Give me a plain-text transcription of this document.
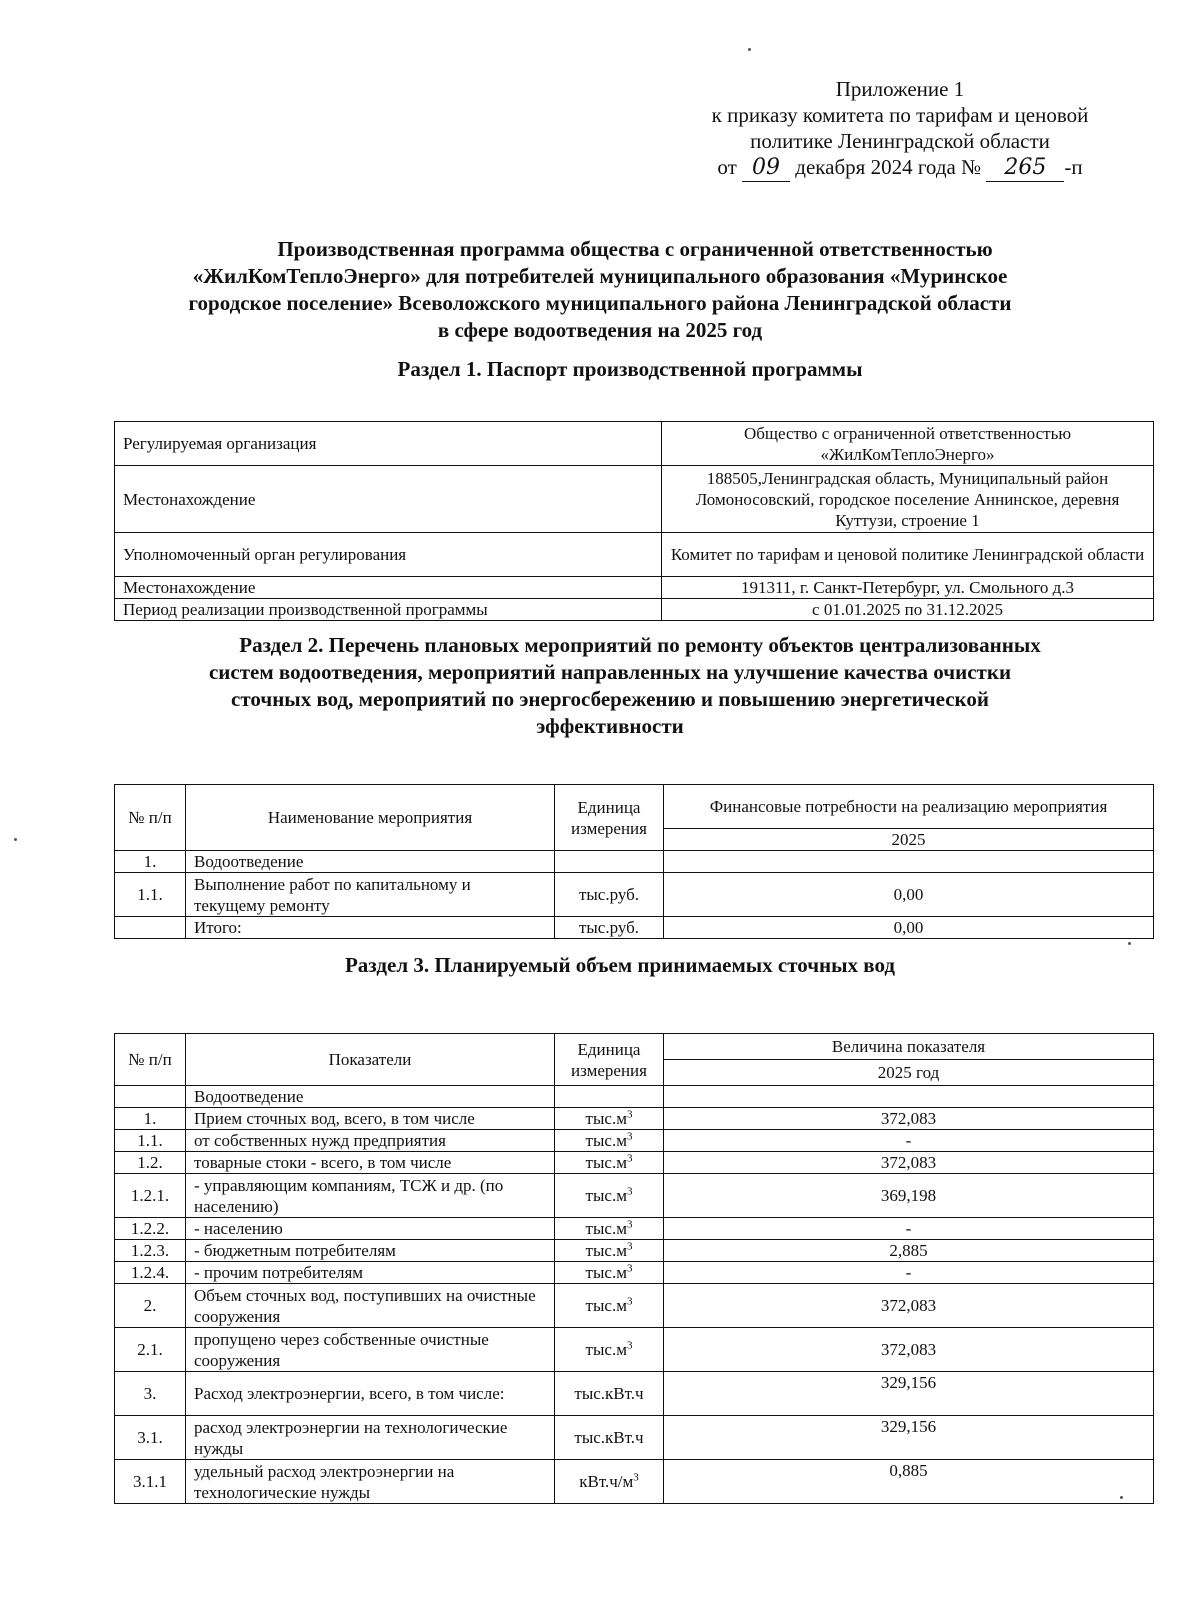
Приложение 1
к приказу комитета по тарифам и ценовой
политике Ленинградской области
от 09 декабря 2024 года № 265 -п
Производственная программа общества с ограниченной ответственностью
«ЖилКомТеплоЭнерго» для потребителей муниципального образования «Муринское
городское поселение» Всеволожского муниципального района Ленинградской области
в сфере водоотведения на 2025 год
Раздел 1. Паспорт производственной программы
Регулируемая организация	Общество с ограниченной ответственностью «ЖилКомТеплоЭнерго»
Местонахождение	188505,Ленинградская область, Муниципальный район Ломоносовский, городское поселение Аннинское, деревня Куттузи, строение 1
Уполномоченный орган регулирования	Комитет по тарифам и ценовой политике Ленинградской области
Местонахождение	191311, г. Санкт-Петербург, ул. Смольного д.3
Период реализации производственной программы	с 01.01.2025 по 31.12.2025
Раздел 2. Перечень плановых мероприятий по ремонту объектов централизованных
систем водоотведения, мероприятий направленных на улучшение качества очистки
сточных вод, мероприятий по энергосбережению и повышению энергетической
эффективности
№ п/п	Наименование мероприятия	Единица измерения	Финансовые потребности на реализацию мероприятия
			2025
1.	Водоотведение		
1.1.	Выполнение работ по капитальному и текущему ремонту	тыс.руб.	0,00
	Итого:	тыс.руб.	0,00
Раздел 3. Планируемый объем принимаемых сточных вод
№ п/п	Показатели	Единица измерения	Величина показателя
			2025 год
	Водоотведение		
1.	Прием сточных вод, всего, в том числе	$тыс.м^3$	372,083
1.1.	от собственных нужд предприятия	$тыс.м^3$	-
1.2.	товарные стоки - всего, в том числе	$тыс.м^3$	372,083
1.2.1.	- управляющим компаниям, ТСЖ и др. (по населению)	$тыс.м^3$	369,198
1.2.2.	- населению	$тыс.м^3$	-
1.2.3.	- бюджетным потребителям	$тыс.м^3$	2,885
1.2.4.	- прочим потребителям	$тыс.м^3$	-
2.	Объем сточных вод, поступивших на очистные сооружения	$тыс.м^3$	372,083
2.1.	пропущено через собственные очистные сооружения	$тыс.м^3$	372,083
3.	Расход электроэнергии, всего, в том числе:	тыс.кВт.ч	329,156
3.1.	расход электроэнергии на технологические нужды	тыс.кВт.ч	329,156
3.1.1	удельный расход электроэнергии на технологические нужды	$кВт.ч/м^3$	0,885
